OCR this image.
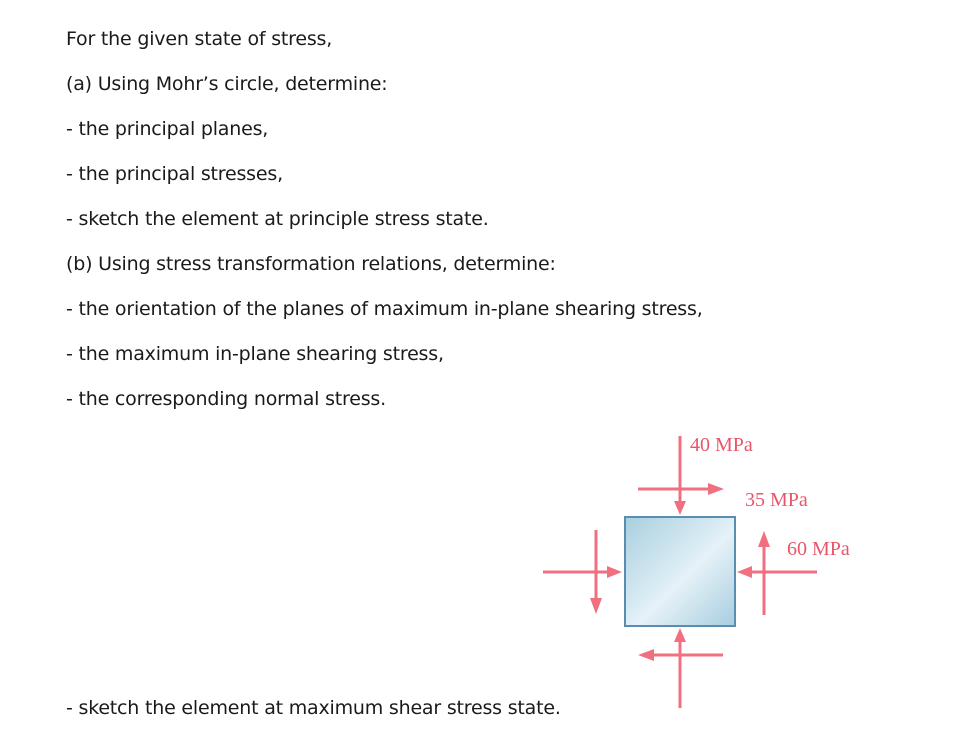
For the given state of stress,
(a) Using Mohr’s circle, determine:
- the principal planes,
- the principal stresses,
- sketch the element at principle stress state.
(b) Using stress transformation relations, determine:
- the orientation of the planes of maximum in-plane shearing stress,
- the maximum in-plane shearing stress,
- the corresponding normal stress.
- sketch the element at maximum shear stress state.
40 MPa
35 MPa
60 MPa
